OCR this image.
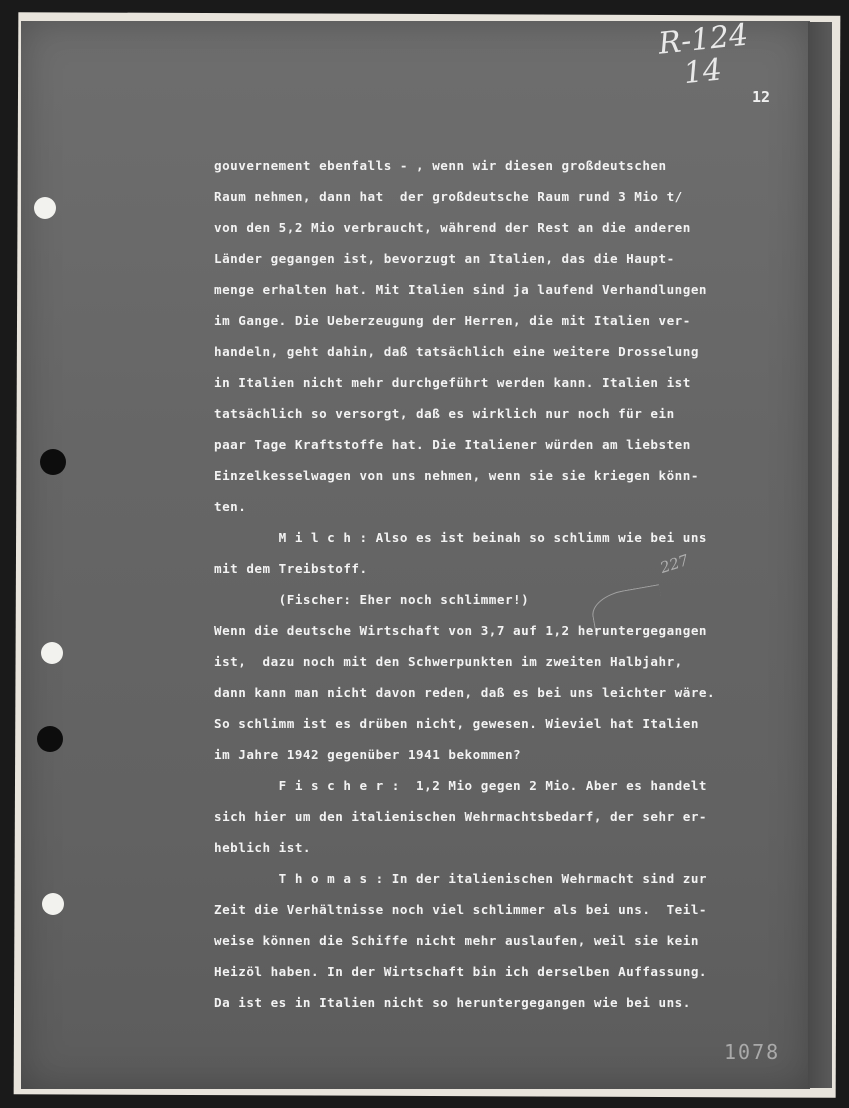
R-124
14
12
227
gouvernement ebenfalls - , wenn wir diesen großdeutschen
Raum nehmen, dann hat  der großdeutsche Raum rund 3 Mio t/
von den 5,2 Mio verbraucht, während der Rest an die anderen
Länder gegangen ist, bevorzugt an Italien, das die Haupt-
menge erhalten hat. Mit Italien sind ja laufend Verhandlungen
im Gange. Die Ueberzeugung der Herren, die mit Italien ver-
handeln, geht dahin, daß tatsächlich eine weitere Drosselung
in Italien nicht mehr durchgeführt werden kann. Italien ist
tatsächlich so versorgt, daß es wirklich nur noch für ein
paar Tage Kraftstoffe hat. Die Italiener würden am liebsten
Einzelkesselwagen von uns nehmen, wenn sie sie kriegen könn-
ten.
M i l c h : Also es ist beinah so schlimm wie bei uns
mit dem Treibstoff.
(Fischer: Eher noch schlimmer!)
Wenn die deutsche Wirtschaft von 3,7 auf 1,2 heruntergegangen
ist,  dazu noch mit den Schwerpunkten im zweiten Halbjahr,
dann kann man nicht davon reden, daß es bei uns leichter wäre.
So schlimm ist es drüben nicht, gewesen. Wieviel hat Italien
im Jahre 1942 gegenüber 1941 bekommen?
F i s c h e r :  1,2 Mio gegen 2 Mio. Aber es handelt
sich hier um den italienischen Wehrmachtsbedarf, der sehr er-
heblich ist.
T h o m a s : In der italienischen Wehrmacht sind zur
Zeit die Verhältnisse noch viel schlimmer als bei uns.  Teil-
weise können die Schiffe nicht mehr auslaufen, weil sie kein
Heizöl haben. In der Wirtschaft bin ich derselben Auffassung.
Da ist es in Italien nicht so heruntergegangen wie bei uns.
1078
